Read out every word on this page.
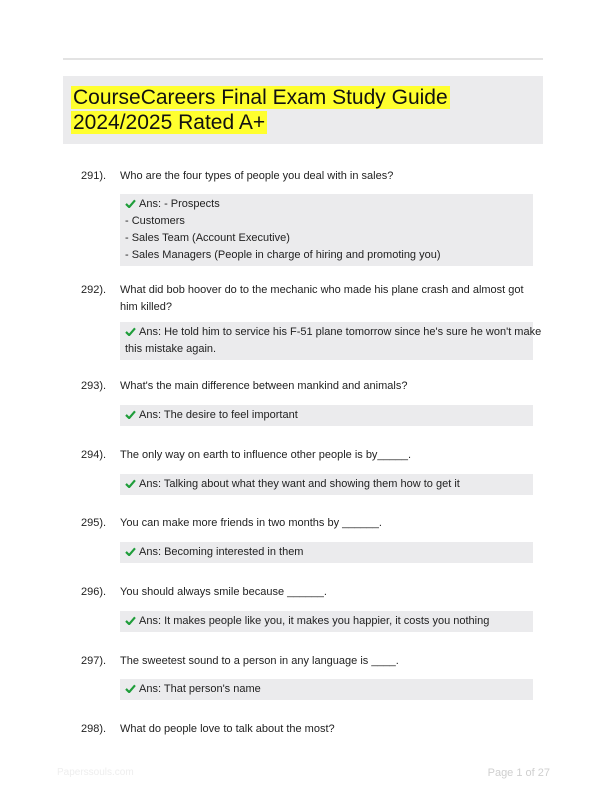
CourseCareers Final Exam Study Guide
2024/2025 Rated A+
291). Who are the four types of people you deal with in sales?
Ans: - Prospects
- Customers
- Sales Team (Account Executive)
- Sales Managers (People in charge of hiring and promoting you)
292). What did bob hoover do to the mechanic who made his plane crash and almost got him killed?
Ans: He told him to service his F-51 plane tomorrow since he's sure he won't make
this mistake again.
293). What's the main difference between mankind and animals?
Ans: The desire to feel important
294). The only way on earth to influence other people is by_____.
Ans: Talking about what they want and showing them how to get it
295). You can make more friends in two months by ______.
Ans: Becoming interested in them
296). You should always smile because ______.
Ans: It makes people like you, it makes you happier, it costs you nothing
297). The sweetest sound to a person in any language is ____.
Ans: That person's name
298). What do people love to talk about the most?
Paperssouls.com	Page 1 of 27
